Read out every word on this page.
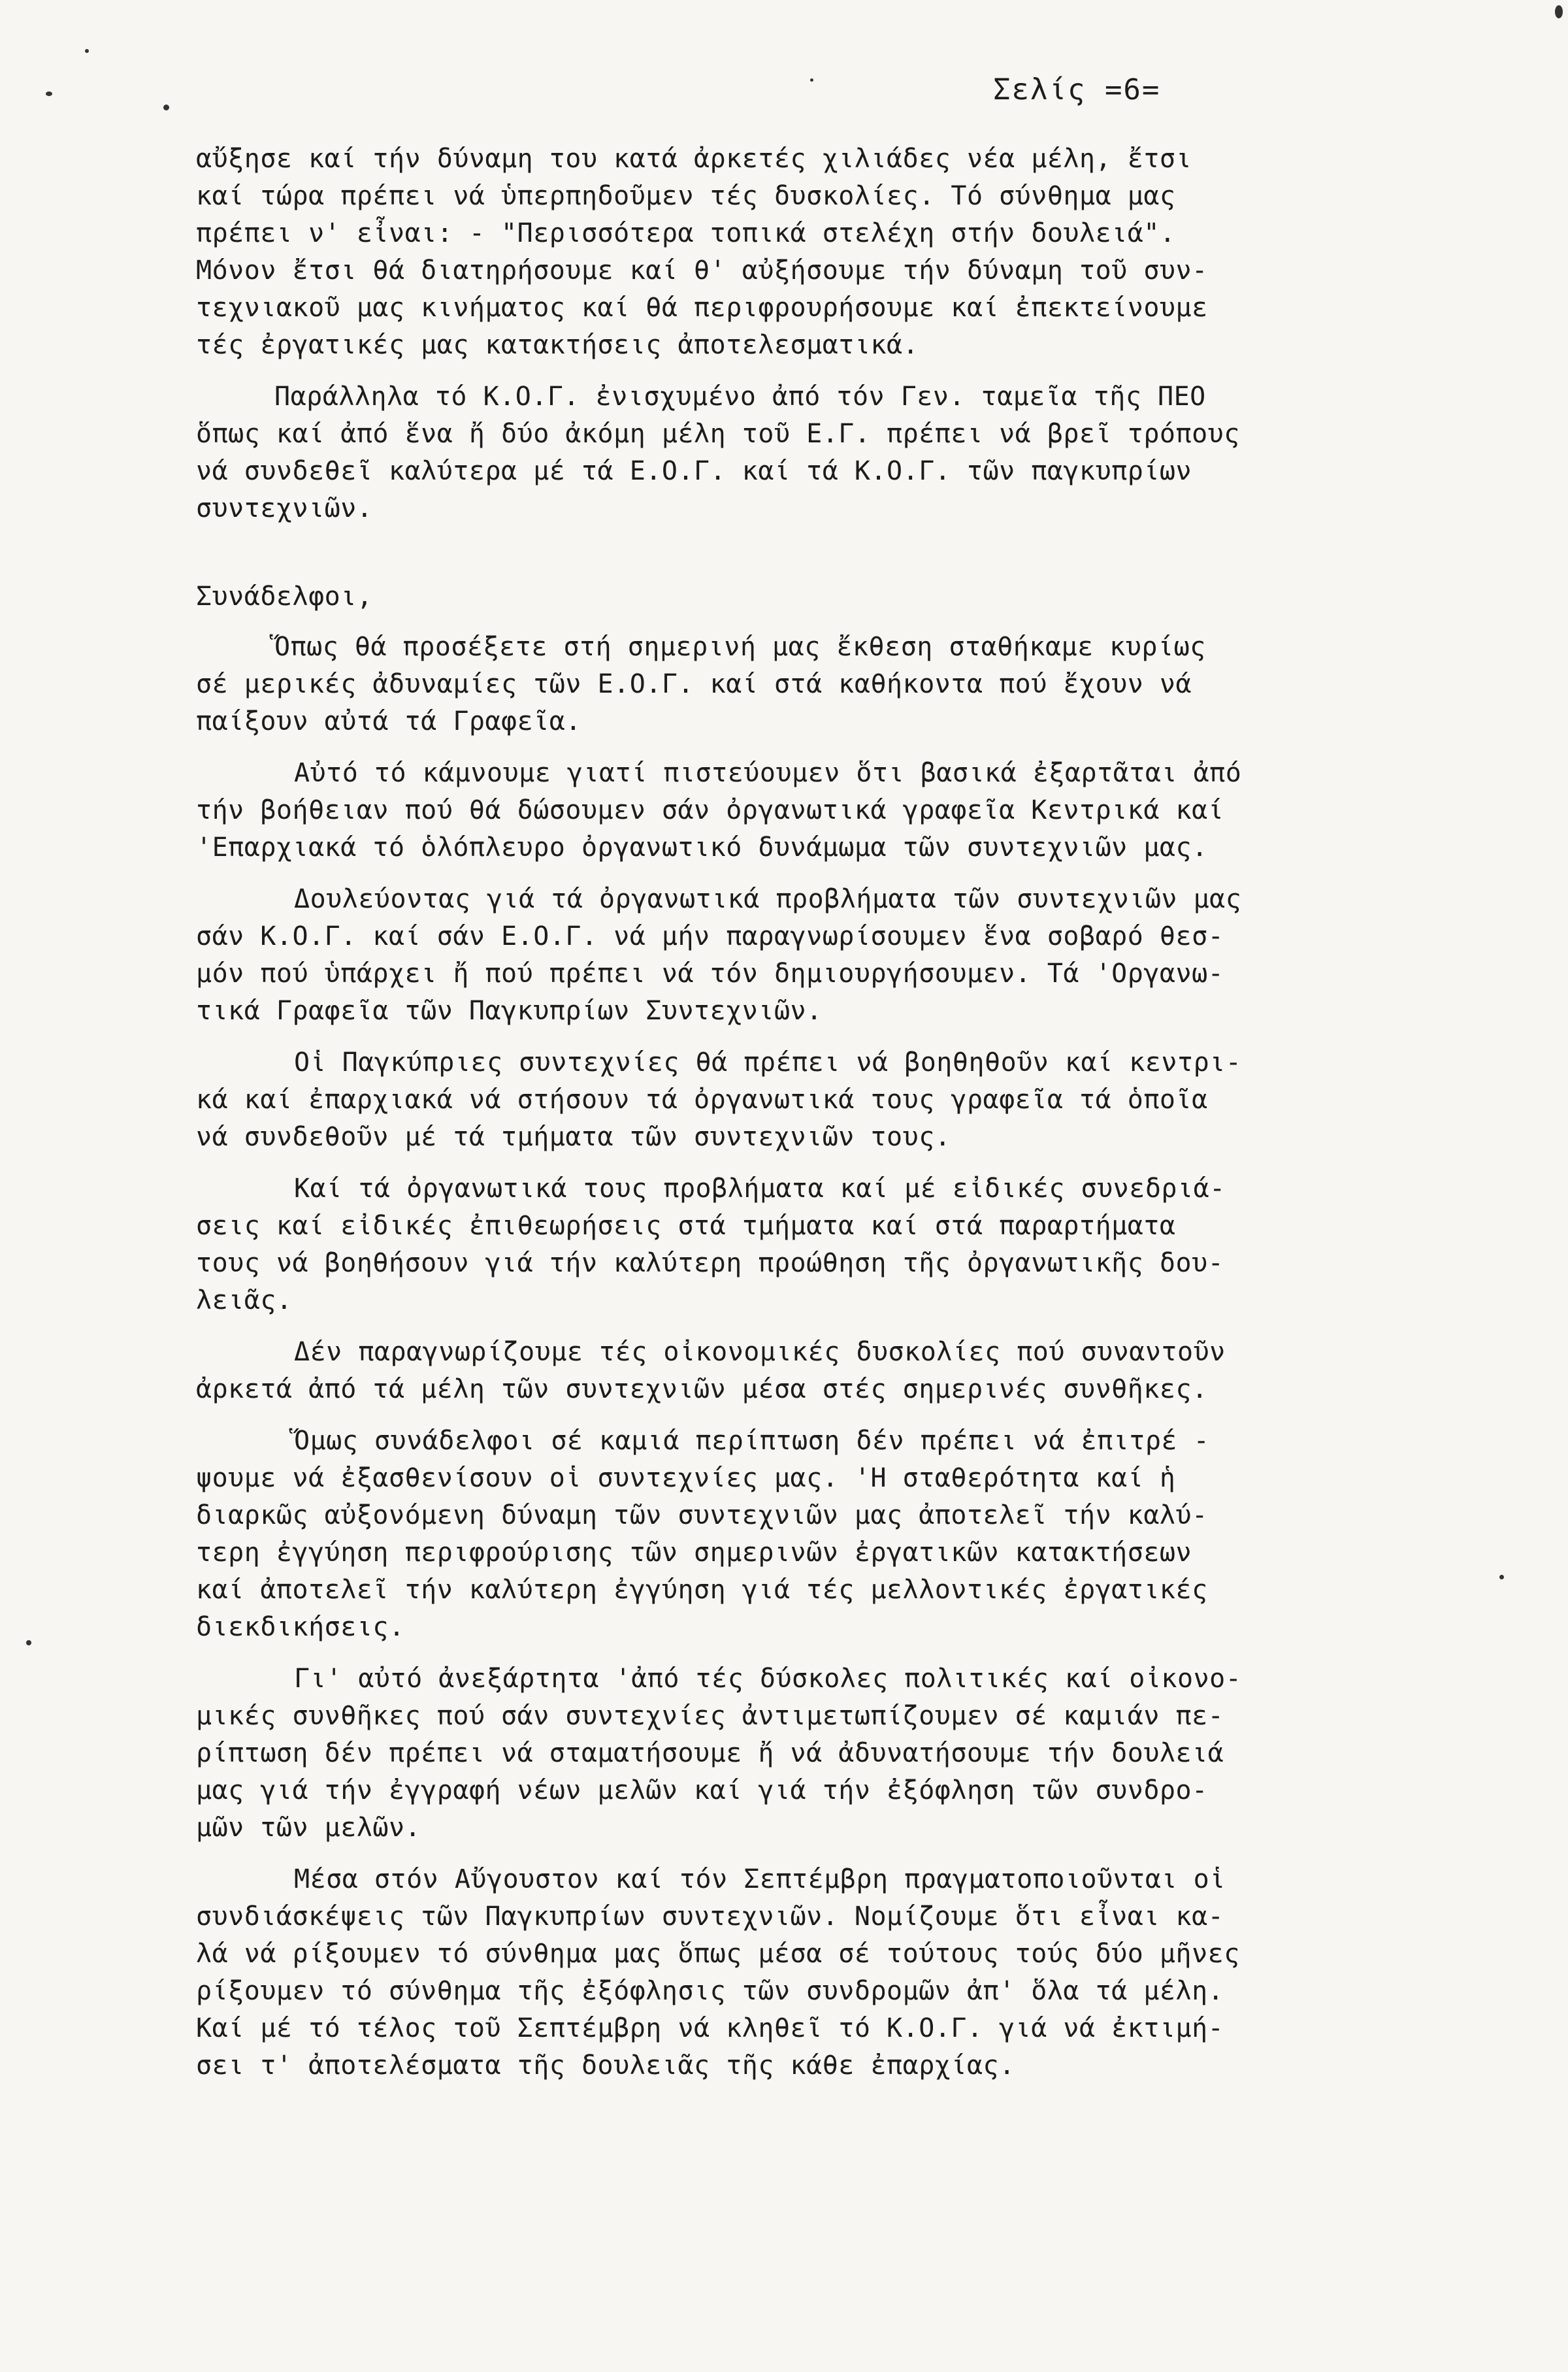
Σελίς =6=
αὔξησε καί τήν δύναμη του κατά ἀρκετές χιλιάδες νέα μέλη, ἔτσι
καί τώρα πρέπει νά ὑπερπηδοῦμεν τές δυσκολίες. Τό σύνθημα μας
πρέπει ν' εἶναι: - "Περισσότερα τοπικά στελέχη στήν δουλειά".
Μόνον ἔτσι θά διατηρήσουμε καί θ' αὐξήσουμε τήν δύναμη τοῦ συν-
τεχνιακοῦ μας κινήματος καί θά περιφρουρήσουμε καί ἐπεκτείνουμε
τές ἐργατικές μας κατακτήσεις ἀποτελεσματικά.
Παράλληλα τό Κ.Ο.Γ. ἐνισχυμένο ἀπό τόν Γεν. ταμεῖα τῆς ΠΕΟ
ὅπως καί ἀπό ἕνα ἤ δύο ἀκόμη μέλη τοῦ Ε.Γ. πρέπει νά βρεῖ τρόπους
νά συνδεθεῖ καλύτερα μέ τά Ε.Ο.Γ. καί τά Κ.Ο.Γ. τῶν παγκυπρίων
συντεχνιῶν.
Συνάδελφοι,
Ὅπως θά προσέξετε στή σημερινή μας ἔκθεση σταθήκαμε κυρίως
σέ μερικές ἀδυναμίες τῶν Ε.Ο.Γ. καί στά καθήκοντα πού ἔχουν νά
παίξουν αὐτά τά Γραφεῖα.
Αὐτό τό κάμνουμε γιατί πιστεύουμεν ὅτι βασικά ἐξαρτᾶται ἀπό
τήν βοήθειαν πού θά δώσουμεν σάν ὀργανωτικά γραφεῖα Κεντρικά καί
'Επαρχιακά τό ὁλόπλευρο ὀργανωτικό δυνάμωμα τῶν συντεχνιῶν μας.
Δουλεύοντας γιά τά ὀργανωτικά προβλήματα τῶν συντεχνιῶν μας
σάν Κ.Ο.Γ. καί σάν Ε.Ο.Γ. νά μήν παραγνωρίσουμεν ἕνα σοβαρό θεσ-
μόν πού ὑπάρχει ἤ πού πρέπει νά τόν δημιουργήσουμεν. Τά 'Οργανω-
τικά Γραφεῖα τῶν Παγκυπρίων Συντεχνιῶν.
Οἱ Παγκύπριες συντεχνίες θά πρέπει νά βοηθηθοῦν καί κεντρι-
κά καί ἐπαρχιακά νά στήσουν τά ὀργανωτικά τους γραφεῖα τά ὁποῖα
νά συνδεθοῦν μέ τά τμήματα τῶν συντεχνιῶν τους.
Καί τά ὀργανωτικά τους προβλήματα καί μέ εἰδικές συνεδριά-
σεις καί εἰδικές ἐπιθεωρήσεις στά τμήματα καί στά παραρτήματα
τους νά βοηθήσουν γιά τήν καλύτερη προώθηση τῆς ὀργανωτικῆς δου-
λειᾶς.
Δέν παραγνωρίζουμε τές οἰκονομικές δυσκολίες πού συναντοῦν
ἀρκετά ἀπό τά μέλη τῶν συντεχνιῶν μέσα στές σημερινές συνθῆκες.
Ὅμως συνάδελφοι σέ καμιά περίπτωση δέν πρέπει νά ἐπιτρέ -
ψουμε νά ἐξασθενίσουν οἱ συντεχνίες μας. 'Η σταθερότητα καί ἡ
διαρκῶς αὐξονόμενη δύναμη τῶν συντεχνιῶν μας ἀποτελεῖ τήν καλύ-
τερη ἐγγύηση περιφρούρισης τῶν σημερινῶν ἐργατικῶν κατακτήσεων
καί ἀποτελεῖ τήν καλύτερη ἐγγύηση γιά τές μελλοντικές ἐργατικές
διεκδικήσεις.
Γι' αὐτό ἀνεξάρτητα 'ἀπό τές δύσκολες πολιτικές καί οἰκονο-
μικές συνθῆκες πού σάν συντεχνίες ἀντιμετωπίζουμεν σέ καμιάν πε-
ρίπτωση δέν πρέπει νά σταματήσουμε ἤ νά ἀδυνατήσουμε τήν δουλειά
μας γιά τήν ἐγγραφή νέων μελῶν καί γιά τήν ἐξόφληση τῶν συνδρο-
μῶν τῶν μελῶν.
Μέσα στόν Αὔγουστον καί τόν Σεπτέμβρη πραγματοποιοῦνται οἱ
συνδιάσκέψεις τῶν Παγκυπρίων συντεχνιῶν. Νομίζουμε ὅτι εἶναι κα-
λά νά ρίξουμεν τό σύνθημα μας ὅπως μέσα σέ τούτους τούς δύο μῆνες
ρίξουμεν τό σύνθημα τῆς ἐξόφλησις τῶν συνδρομῶν ἀπ' ὅλα τά μέλη.
Καί μέ τό τέλος τοῦ Σεπτέμβρη νά κληθεῖ τό Κ.Ο.Γ. γιά νά ἐκτιμή-
σει τ' ἀποτελέσματα τῆς δουλειᾶς τῆς κάθε ἐπαρχίας.
